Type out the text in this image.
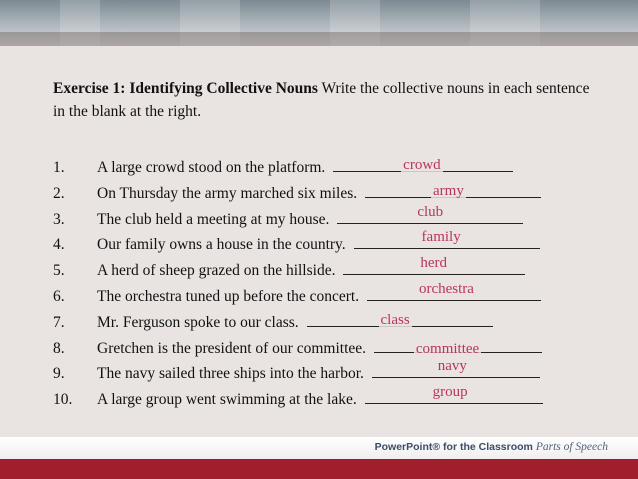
Exercise 1: Identifying Collective Nouns Write the collective nouns in each sentence in the blank at the right.
1. A large crowd stood on the platform.	crowd
2. On Thursday the army marched six miles.	army
3. The club held a meeting at my house.	club
4. Our family owns a house in the country.	family
5. A herd of sheep grazed on the hillside.	herd
6. The orchestra tuned up before the concert.	orchestra
7. Mr. Ferguson spoke to our class.	class
8. Gretchen is the president of our committee.	committee
9. The navy sailed three ships into the harbor.	navy
10. A large group went swimming at the lake.	group
PowerPoint® for the Classroom Parts of Speech
